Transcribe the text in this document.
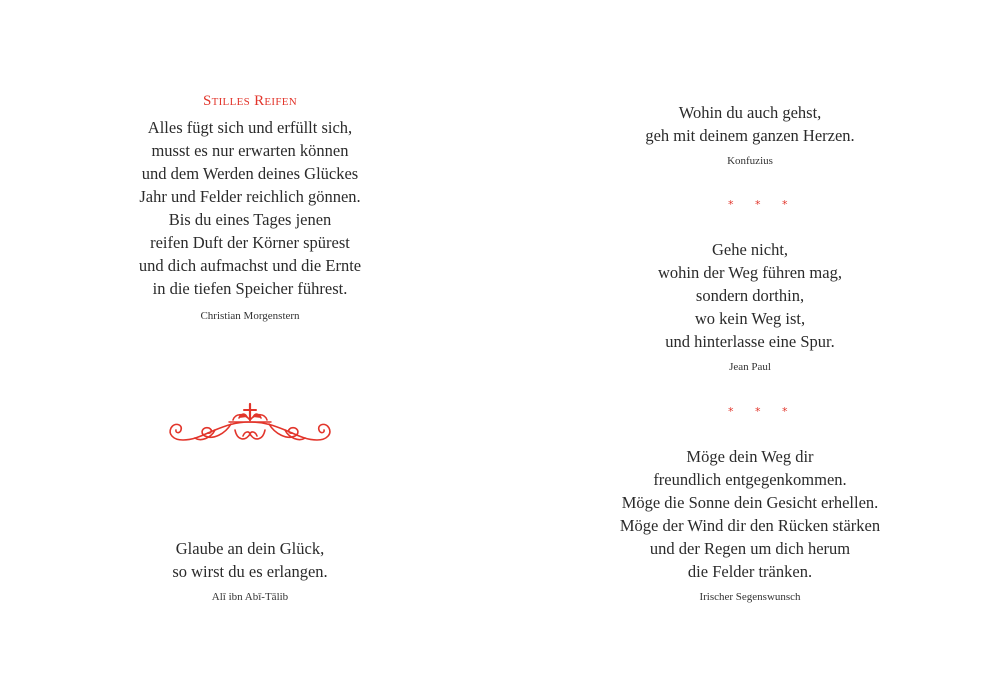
Stilles Reifen
Alles fügt sich und erfüllt sich,
musst es nur erwarten können
und dem Werden deines Glückes
Jahr und Felder reichlich gönnen.
Bis du eines Tages jenen
reifen Duft der Körner spürest
und dich aufmachst und die Ernte
in die tiefen Speicher führest.
Christian Morgenstern
Glaube an dein Glück,
so wirst du es erlangen.
Alī ibn Abī-Tālib
Wohin du auch gehst,
geh mit deinem ganzen Herzen.
Konfuzius
* * *
Gehe nicht,
wohin der Weg führen mag,
sondern dorthin,
wo kein Weg ist,
und hinterlasse eine Spur.
Jean Paul
* * *
Möge dein Weg dir
freundlich entgegenkommen.
Möge die Sonne dein Gesicht erhellen.
Möge der Wind dir den Rücken stärken
und der Regen um dich herum
die Felder tränken.
Irischer Segenswunsch
